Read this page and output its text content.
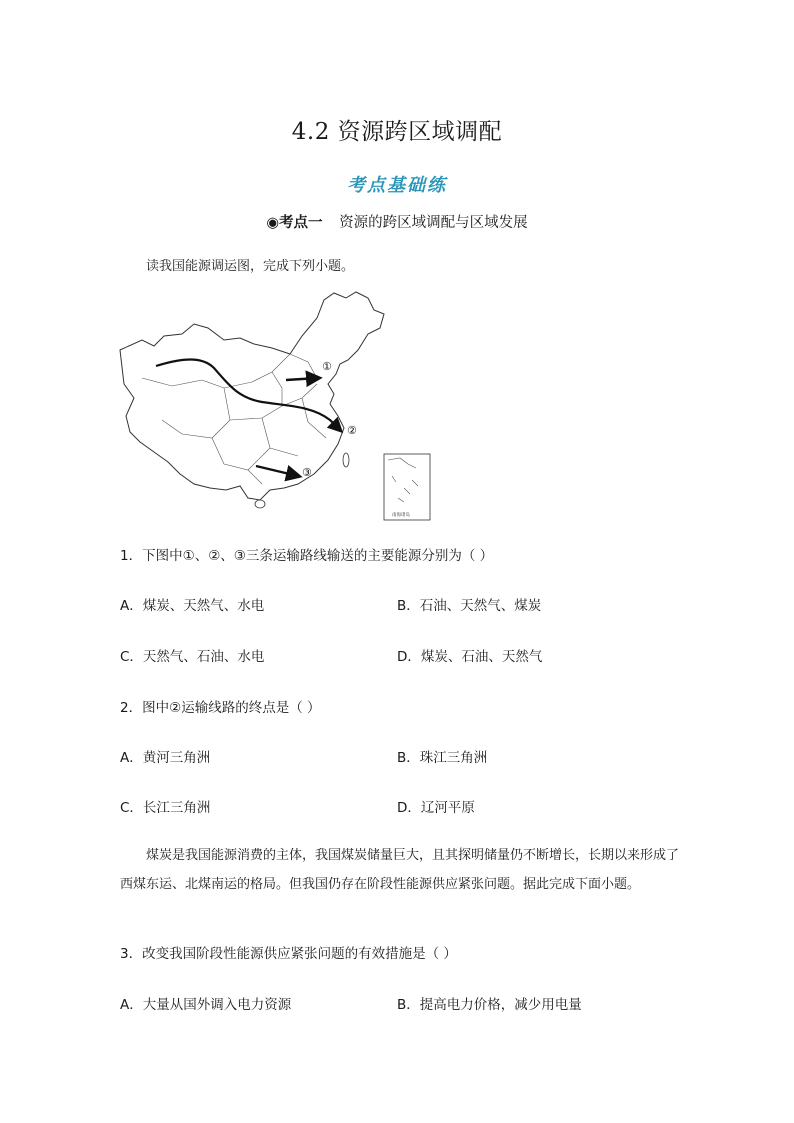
4.2 资源跨区域调配
考点基础练
◉考点一 资源的跨区域调配与区域发展
读我国能源调运图，完成下列小题。
①
②
③
南海诸岛
1．下图中①、②、③三条运输路线输送的主要能源分别为（ ）
A．煤炭、天然气、水电	B．石油、天然气、煤炭
C．天然气、石油、水电	D．煤炭、石油、天然气
2．图中②运输线路的终点是（ ）
A．黄河三角洲	B．珠江三角洲
C．长江三角洲	D．辽河平原
煤炭是我国能源消费的主体，我国煤炭储量巨大，且其探明储量仍不断增长，长期以来形成了西煤东运、北煤南运的格局。但我国仍存在阶段性能源供应紧张问题。据此完成下面小题。
3．改变我国阶段性能源供应紧张问题的有效措施是（ ）
A．大量从国外调入电力资源	B．提高电力价格，减少用电量
